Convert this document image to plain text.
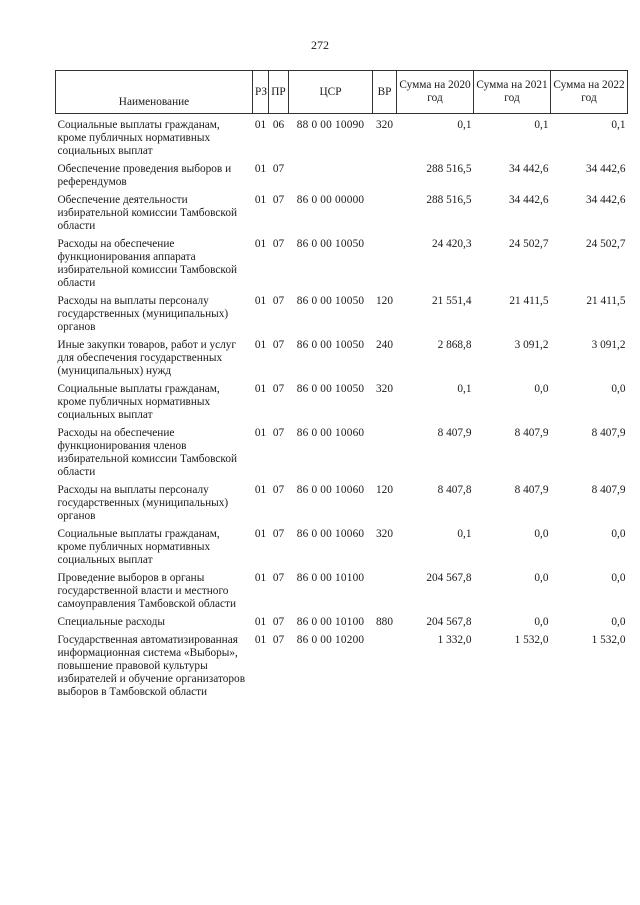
272
Наименование	РЗ	ПР	ЦСР	ВР	Сумма на 2020 год	Сумма на 2021 год	Сумма на 2022 год
Социальные выплаты гражданам, кроме публичных нормативных социальных выплат	01	06	88 0 00 10090	320	0,1	0,1	0,1
Обеспечение проведения выборов и референдумов	01	07			288 516,5	34 442,6	34 442,6
Обеспечение деятельности избирательной комиссии Тамбовской области	01	07	86 0 00 00000		288 516,5	34 442,6	34 442,6
Расходы на обеспечение функционирования аппарата избирательной комиссии Тамбовской области	01	07	86 0 00 10050		24 420,3	24 502,7	24 502,7
Расходы на выплаты персоналу государственных (муниципальных) органов	01	07	86 0 00 10050	120	21 551,4	21 411,5	21 411,5
Иные закупки товаров, работ и услуг для обеспечения государственных (муниципальных) нужд	01	07	86 0 00 10050	240	2 868,8	3 091,2	3 091,2
Социальные выплаты гражданам, кроме публичных нормативных социальных выплат	01	07	86 0 00 10050	320	0,1	0,0	0,0
Расходы на обеспечение функционирования членов избирательной комиссии Тамбовской области	01	07	86 0 00 10060		8 407,9	8 407,9	8 407,9
Расходы на выплаты персоналу государственных (муниципальных) органов	01	07	86 0 00 10060	120	8 407,8	8 407,9	8 407,9
Социальные выплаты гражданам, кроме публичных нормативных социальных выплат	01	07	86 0 00 10060	320	0,1	0,0	0,0
Проведение выборов в органы государственной власти и местного самоуправления Тамбовской области	01	07	86 0 00 10100		204 567,8	0,0	0,0
Специальные расходы	01	07	86 0 00 10100	880	204 567,8	0,0	0,0
Государственная автоматизированная информационная система «Выборы», повышение правовой культуры избирателей и обучение организаторов выборов в Тамбовской области	01	07	86 0 00 10200		1 332,0	1 532,0	1 532,0
